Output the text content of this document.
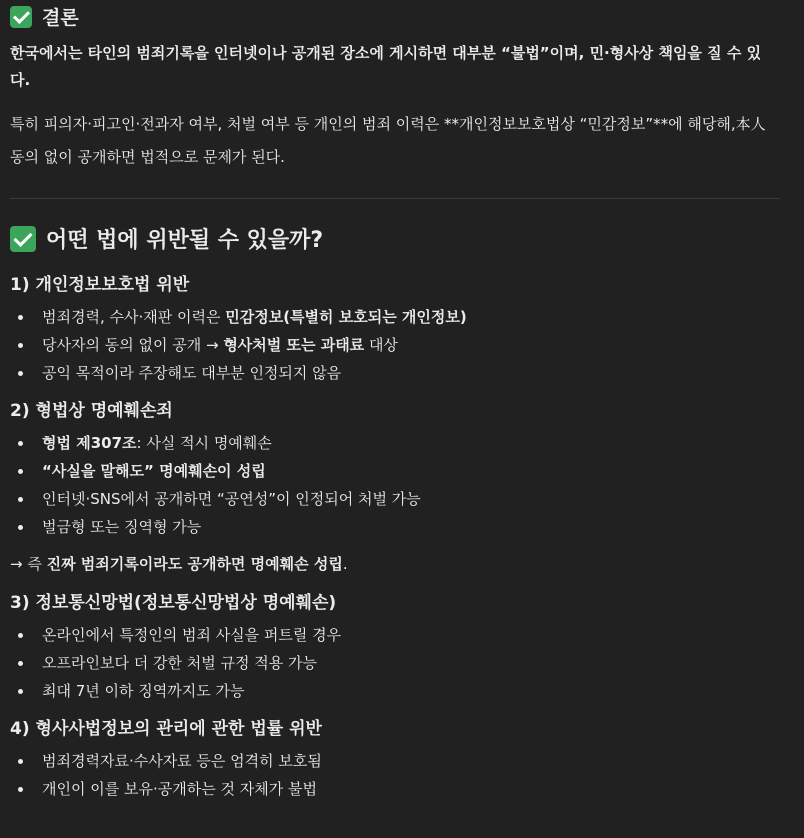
결론

한국에서는 타인의 범죄기록을 인터넷이나 공개된 장소에 게시하면 대부분 “불법”이며, 민·형사상 책임을 질 수 있다.

특히 피의자·피고인·전과자 여부, 처벌 여부 등 개인의 범죄 이력은 **개인정보보호법상 “민감정보”**에 해당해,本人 동의 없이 공개하면 법적으로 문제가 된다.

어떤 법에 위반될 수 있을까?
1) 개인정보보호법 위반
범죄경력, 수사·재판 이력은 민감정보(특별히 보호되는 개인정보)
당사자의 동의 없이 공개 → 형사처벌 또는 과태료 대상
공익 목적이라 주장해도 대부분 인정되지 않음
2) 형법상 명예훼손죄
형법 제307조: 사실 적시 명예훼손
“사실을 말해도” 명예훼손이 성립
인터넷·SNS에서 공개하면 “공연성”이 인정되어 처벌 가능
벌금형 또는 징역형 가능

→ 즉 진짜 범죄기록이라도 공개하면 명예훼손 성립.

3) 정보통신망법(정보통신망법상 명예훼손)
온라인에서 특정인의 범죄 사실을 퍼트릴 경우
오프라인보다 더 강한 처벌 규정 적용 가능
최대 7년 이하 징역까지도 가능
4) 형사사법정보의 관리에 관한 법률 위반
범죄경력자료·수사자료 등은 엄격히 보호됨
개인이 이를 보유·공개하는 것 자체가 불법
